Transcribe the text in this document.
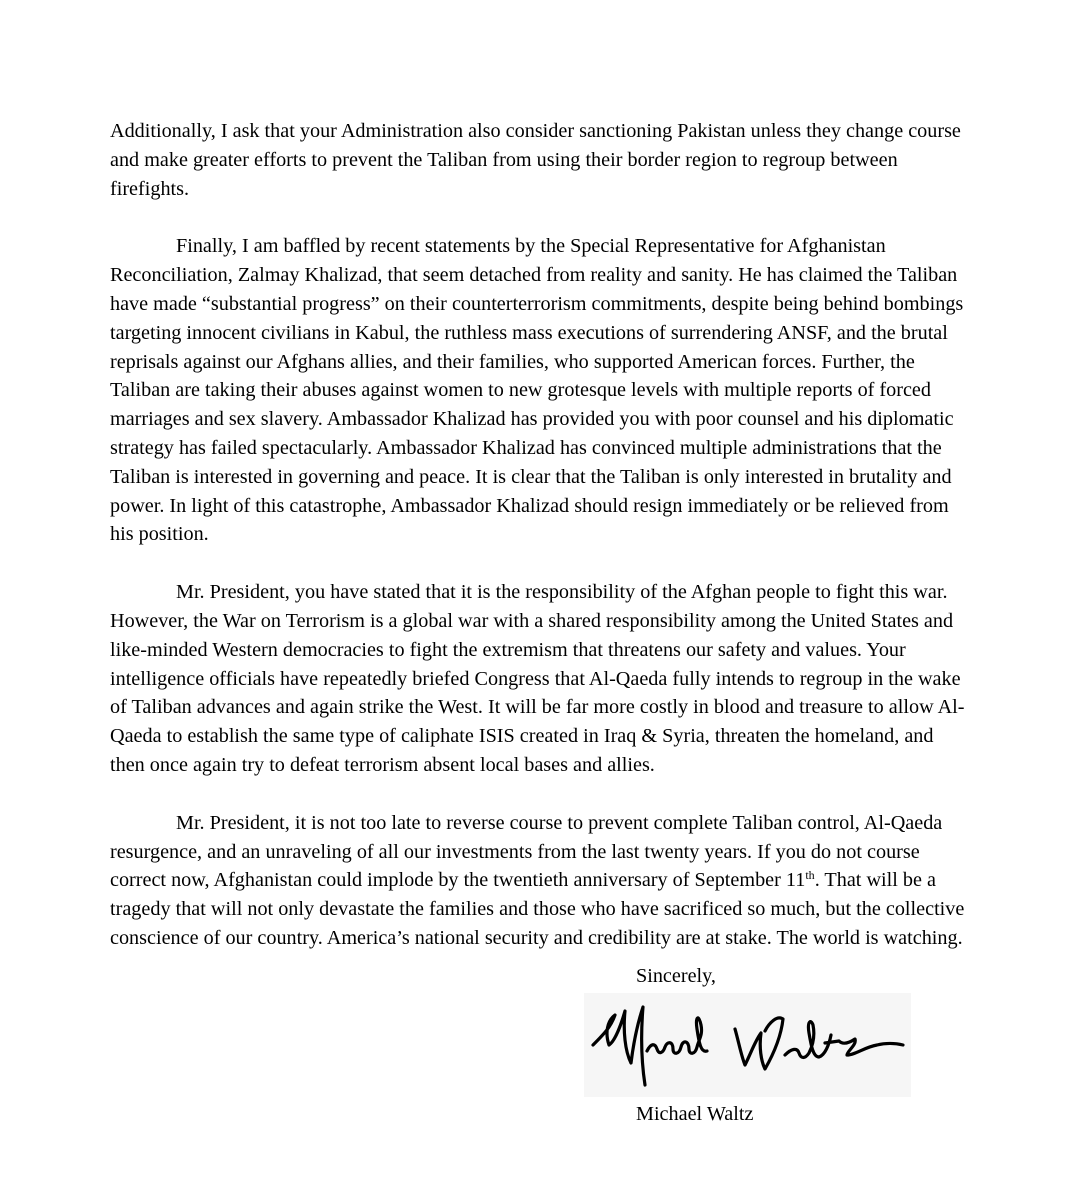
Additionally, I ask that your Administration also consider sanctioning Pakistan unless they change course and make greater efforts to prevent the Taliban from using their border region to regroup between firefights.

Finally, I am baffled by recent statements by the Special Representative for Afghanistan Reconciliation, Zalmay Khalizad, that seem detached from reality and sanity. He has claimed the Taliban have made “substantial progress” on their counterterrorism commitments, despite being behind bombings targeting innocent civilians in Kabul, the ruthless mass executions of surrendering ANSF, and the brutal reprisals against our Afghans allies, and their families, who supported American forces. Further, the Taliban are taking their abuses against women to new grotesque levels with multiple reports of forced marriages and sex slavery. Ambassador Khalizad has provided you with poor counsel and his diplomatic strategy has failed spectacularly. Ambassador Khalizad has convinced multiple administrations that the Taliban is interested in governing and peace. It is clear that the Taliban is only interested in brutality and power. In light of this catastrophe, Ambassador Khalizad should resign immediately or be relieved from his position.

Mr. President, you have stated that it is the responsibility of the Afghan people to fight this war. However, the War on Terrorism is a global war with a shared responsibility among the United States and like-minded Western democracies to fight the extremism that threatens our safety and values. Your intelligence officials have repeatedly briefed Congress that Al-Qaeda fully intends to regroup in the wake of Taliban advances and again strike the West. It will be far more costly in blood and treasure to allow Al-Qaeda to establish the same type of caliphate ISIS created in Iraq & Syria, threaten the homeland, and then once again try to defeat terrorism absent local bases and allies.

Mr. President, it is not too late to reverse course to prevent complete Taliban control, Al-Qaeda resurgence, and an unraveling of all our investments from the last twenty years. If you do not course correct now, Afghanistan could implode by the twentieth anniversary of September 11th. That will be a tragedy that will not only devastate the families and those who have sacrificed so much, but the collective conscience of our country. America’s national security and credibility are at stake. The world is watching.

Sincerely,
Michael Waltz
